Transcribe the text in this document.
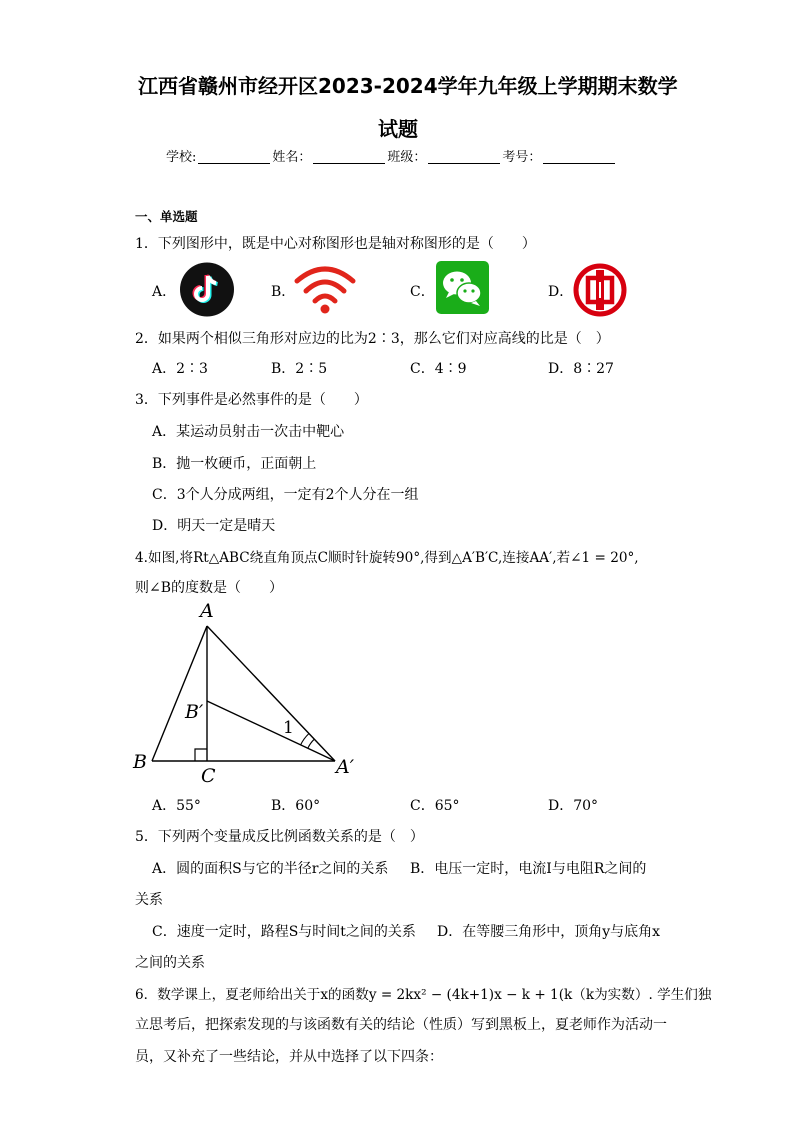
江西省赣州市经开区2023-2024学年九年级上学期期末数学
试题
学校:	姓名：	班级：	考号：
一、单选题
1．下列图形中，既是中心对称图形也是轴对称图形的是（　　）
A．	B．	C．	D．
2．如果两个相似三角形对应边的比为2∶3，那么它们对应高线的比是（　）
A．2∶3	B．2∶5	C．4∶9	D．8∶27
3．下列事件是必然事件的是（　　）
A．某运动员射击一次击中靶心
B．抛一枚硬币，正面朝上
C．3个人分成两组，一定有2个人分在一组
D．明天一定是晴天
4.如图,将Rt△ABC绕直角顶点C顺时针旋转90°,得到△A′B′C,连接AA′,若∠1 = 20°,
则∠B的度数是（　　）
A
B
C
B′
A′
1
A．55°	B．60°	C．65°	D．70°
5．下列两个变量成反比例函数关系的是（　）
A．圆的面积S与它的半径r之间的关系 B．电压一定时，电流I与电阻R之间的
关系
C．速度一定时，路程S与时间t之间的关系 D．在等腰三角形中，顶角y与底角x
之间的关系
6．数学课上，夏老师给出关于x的函数y = 2kx² − (4k+1)x − k + 1(k（k为实数）. 学生们独
立思考后，把探索发现的与该函数有关的结论（性质）写到黑板上，夏老师作为活动一
员，又补充了一些结论，并从中选择了以下四条：
